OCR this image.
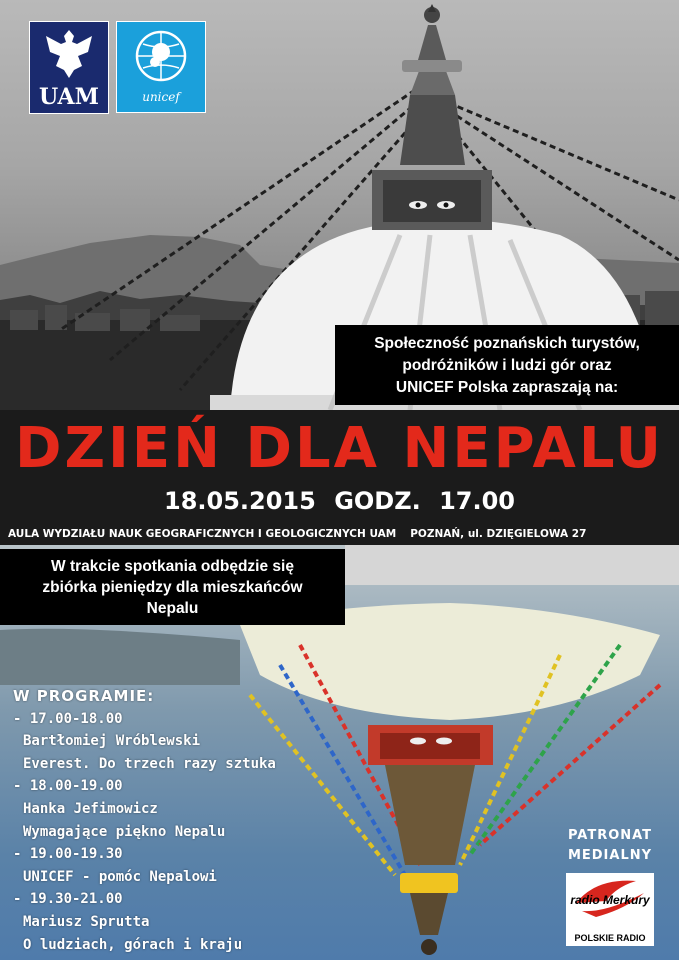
UAM	unicef
Społeczność poznańskich turystów,
podróżników i ludzi gór oraz
UNICEF Polska zapraszają na:
DZIEŃ DLA NEPALU
18.05.2015 GODZ. 17.00
AULA WYDZIAŁU NAUK GEOGRAFICZNYCH I GEOLOGICZNYCH UAM POZNAŃ, ul. DZIĘGIELOWA 27
W trakcie spotkania odbędzie się
zbiórka pieniędzy dla mieszkańców
Nepalu
W PROGRAMIE:
- 17.00-18.00
Bartłomiej Wróblewski
Everest. Do trzech razy sztuka
- 18.00-19.00
Hanka Jefimowicz
Wymagające piękno Nepalu
- 19.00-19.30
UNICEF - pomóc Nepalowi
- 19.30-21.00
Mariusz Sprutta
O ludziach, górach i kraju
PATRONAT
MEDIALNY
radio Merkury
POLSKIE RADIO
